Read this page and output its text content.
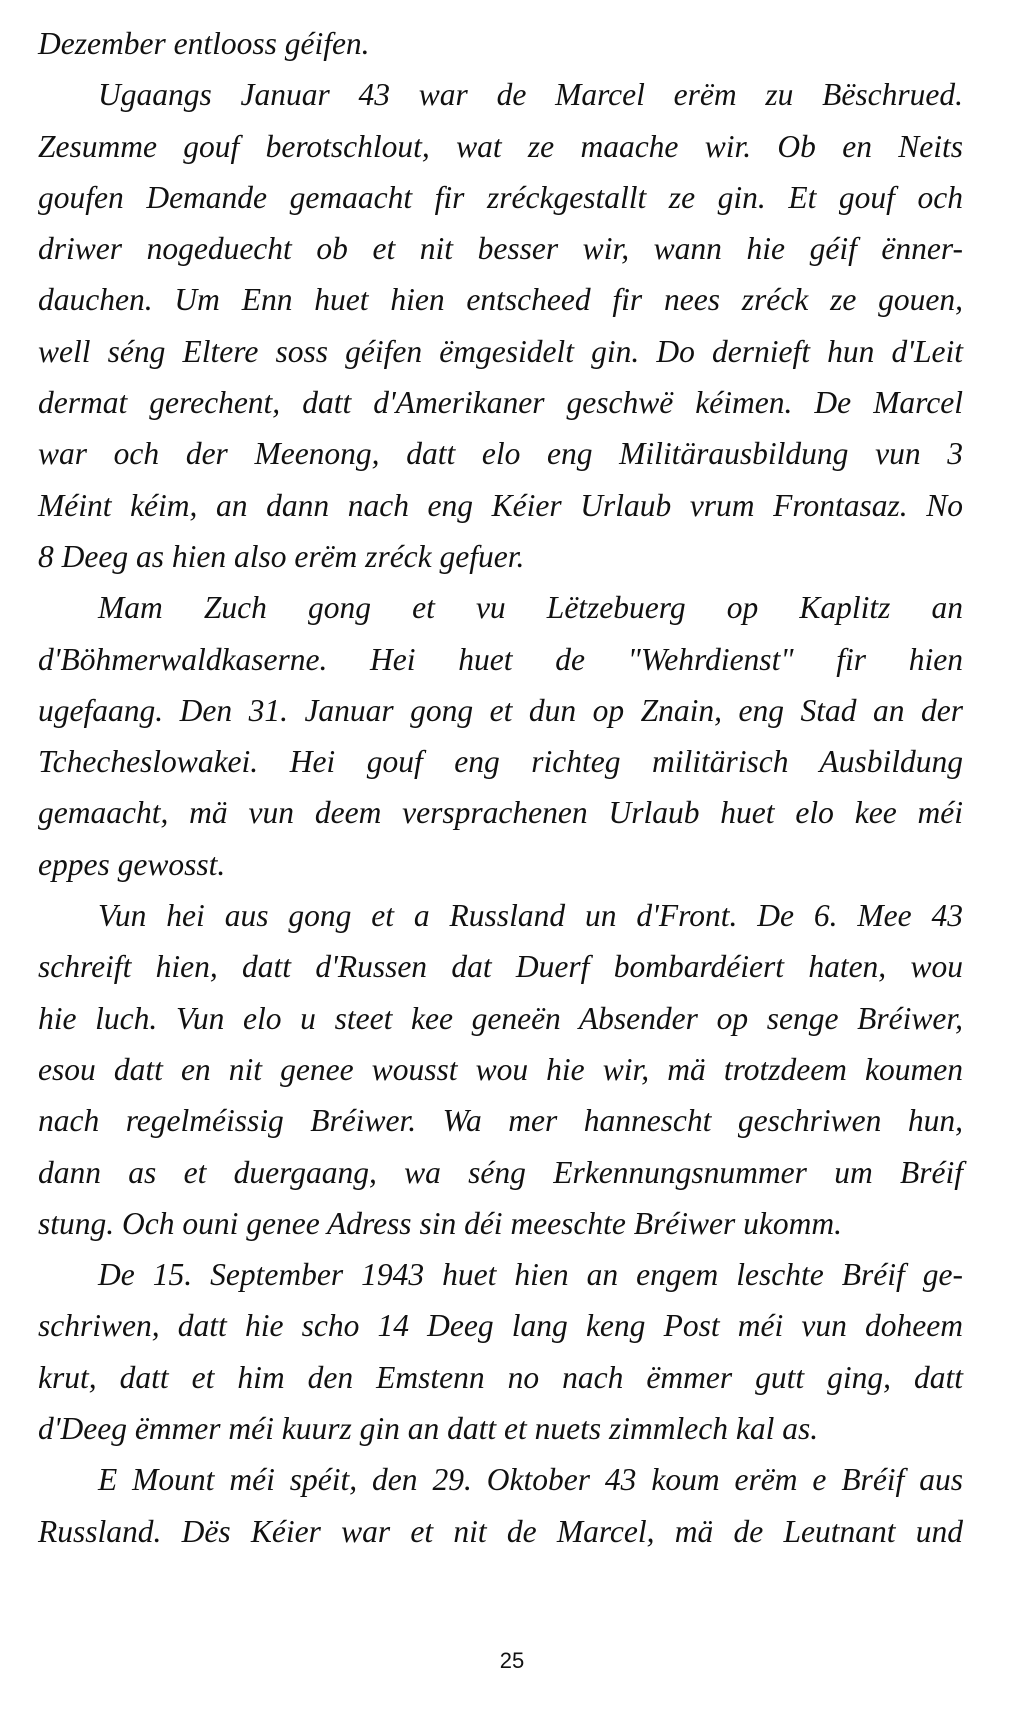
Dezember entlooss géifen.
Ugaangs Januar 43 war de Marcel erëm zu Bëschrued.
Zesumme gouf berotschlout, wat ze maache wir. Ob en Neits
goufen Demande gemaacht fir zréckgestallt ze gin. Et gouf och
driwer nogeduecht ob et nit besser wir, wann hie géif ënner-
dauchen. Um Enn huet hien entscheed fir nees zréck ze gouen,
well séng Eltere soss géifen ëmgesidelt gin. Do dernieft hun d'Leit
dermat gerechent, datt d'Amerikaner geschwë kéimen. De Marcel
war och der Meenong, datt elo eng Militärausbildung vun 3
Méint kéim, an dann nach eng Kéier Urlaub vrum Frontasaz. No
8 Deeg as hien also erëm zréck gefuer.
Mam Zuch gong et vu Lëtzebuerg op Kaplitz an
d'Böhmerwaldkaserne. Hei huet de "Wehrdienst" fir hien
ugefaang. Den 31. Januar gong et dun op Znain, eng Stad an der
Tchecheslowakei. Hei gouf eng richteg militärisch Ausbildung
gemaacht, mä vun deem versprachenen Urlaub huet elo kee méi
eppes gewosst.
Vun hei aus gong et a Russland un d'Front. De 6. Mee 43
schreift hien, datt d'Russen dat Duerf bombardéiert haten, wou
hie luch. Vun elo u steet kee geneën Absender op senge Bréiwer,
esou datt en nit genee wousst wou hie wir, mä trotzdeem koumen
nach regelméissig Bréiwer. Wa mer hannescht geschriwen hun,
dann as et duergaang, wa séng Erkennungsnummer um Bréif
stung. Och ouni genee Adress sin déi meeschte Bréiwer ukomm.
De 15. September 1943 huet hien an engem leschte Bréif ge-
schriwen, datt hie scho 14 Deeg lang keng Post méi vun doheem
krut, datt et him den Emstenn no nach ëmmer gutt ging, datt
d'Deeg ëmmer méi kuurz gin an datt et nuets zimmlech kal as.
E Mount méi spéit, den 29. Oktober 43 koum erëm e Bréif aus
Russland. Dës Kéier war et nit de Marcel, mä de Leutnant und
25
